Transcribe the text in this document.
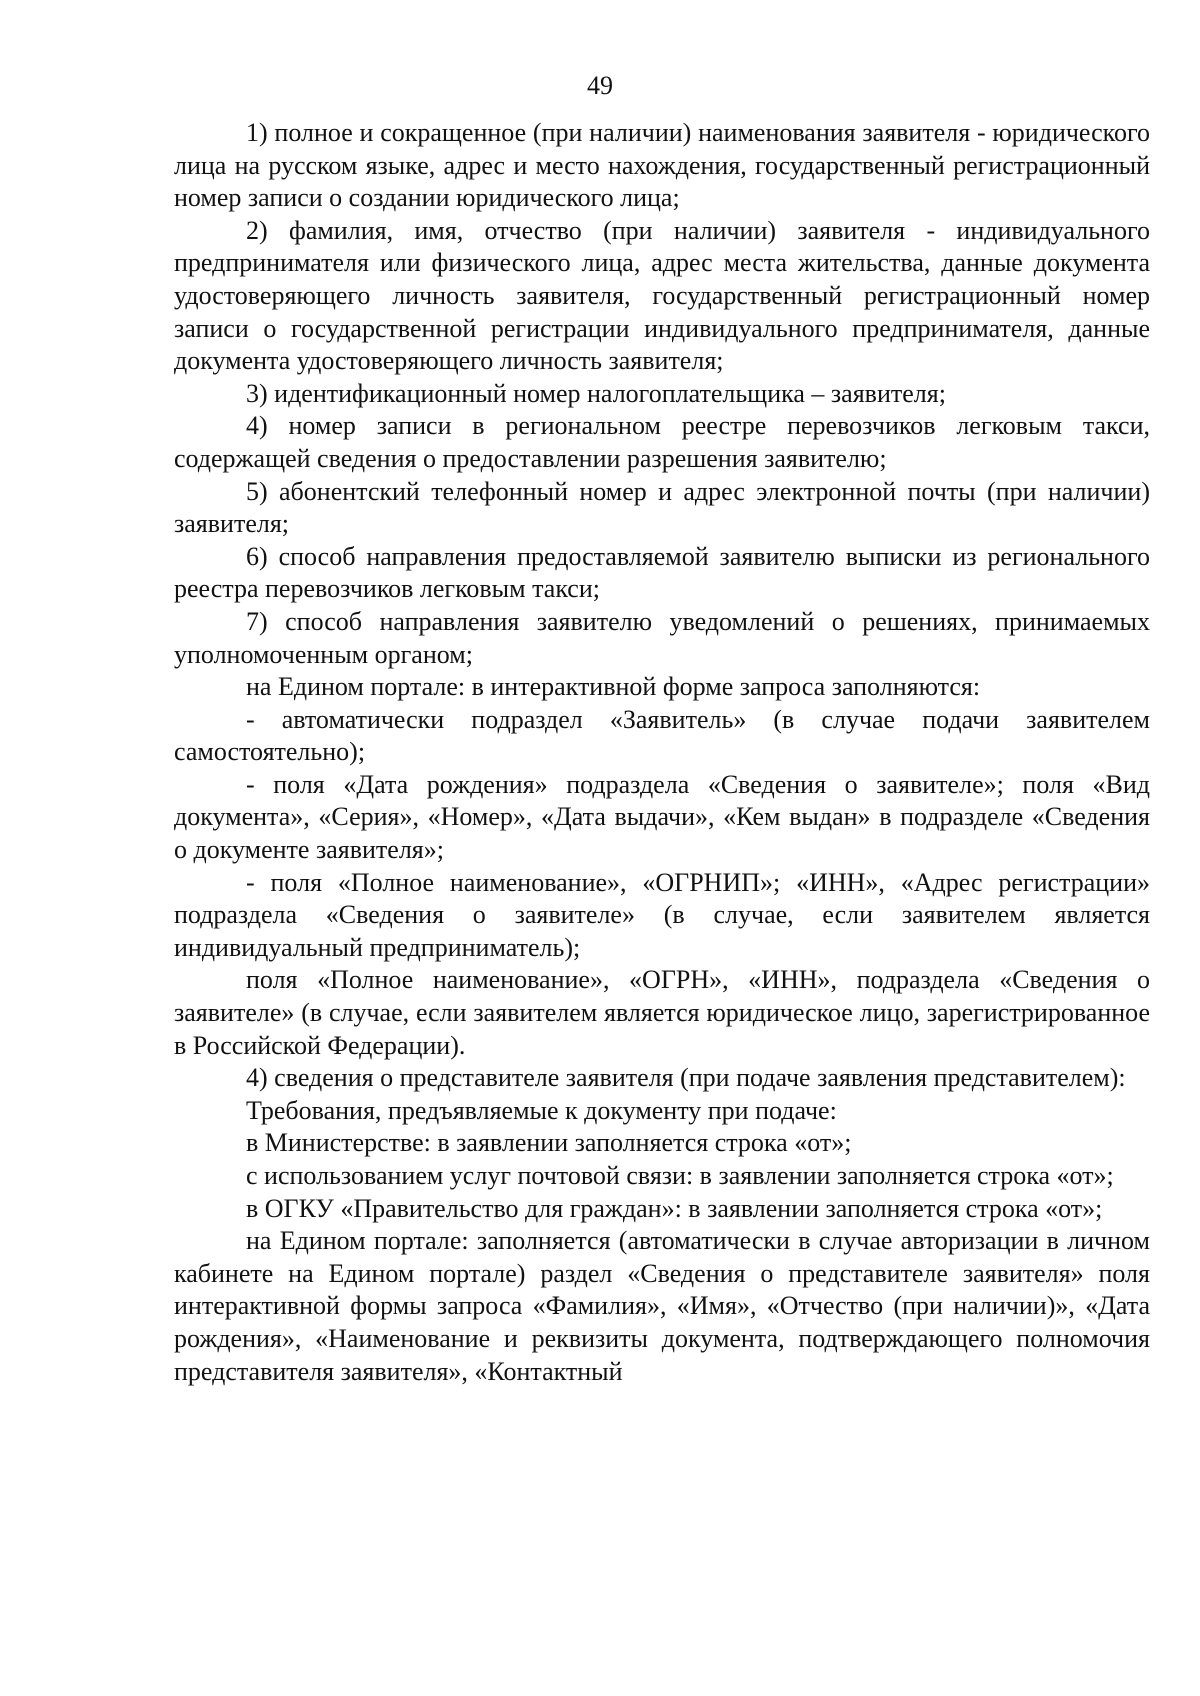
49

1) полное и сокращенное (при наличии) наименования заявителя - юридического лица на русском языке, адрес и место нахождения, государственный регистрационный номер записи о создании юридического лица;

2) фамилия, имя, отчество (при наличии) заявителя - индивидуального предпринимателя или физического лица, адрес места жительства, данные документа удостоверяющего личность заявителя, государственный регистрационный номер записи о государственной регистрации индивидуального предпринимателя, данные документа удостоверяющего личность заявителя;

3) идентификационный номер налогоплательщика – заявителя;

4) номер записи в региональном реестре перевозчиков легковым такси, содержащей сведения о предоставлении разрешения заявителю;

5) абонентский телефонный номер и адрес электронной почты (при наличии) заявителя;

6) способ направления предоставляемой заявителю выписки из регионального реестра перевозчиков легковым такси;

7) способ направления заявителю уведомлений о решениях, принимаемых уполномоченным органом;

на Едином портале: в интерактивной форме запроса заполняются:

- автоматически подраздел «Заявитель» (в случае подачи заявителем самостоятельно);

- поля «Дата рождения» подраздела «Сведения о заявителе»; поля «Вид документа», «Серия», «Номер», «Дата выдачи», «Кем выдан» в подразделе «Сведения о документе заявителя»;

- поля «Полное наименование», «ОГРНИП»; «ИНН», «Адрес регистрации» подраздела «Сведения о заявителе» (в случае, если заявителем является индивидуальный предприниматель);

поля «Полное наименование», «ОГРН», «ИНН», подраздела «Сведения о заявителе» (в случае, если заявителем является юридическое лицо, зарегистрированное в Российской Федерации).

4) сведения о представителе заявителя (при подаче заявления представителем):

Требования, предъявляемые к документу при подаче:

в Министерстве: в заявлении заполняется строка «от»;

с использованием услуг почтовой связи: в заявлении заполняется строка «от»;

в ОГКУ «Правительство для граждан»: в заявлении заполняется строка «от»;

на Едином портале: заполняется (автоматически в случае авторизации в личном кабинете на Едином портале) раздел «Сведения о представителе заявителя» поля интерактивной формы запроса «Фамилия», «Имя», «Отчество (при наличии)», «Дата рождения», «Наименование и реквизиты документа, подтверждающего полномочия представителя заявителя», «Контактный
